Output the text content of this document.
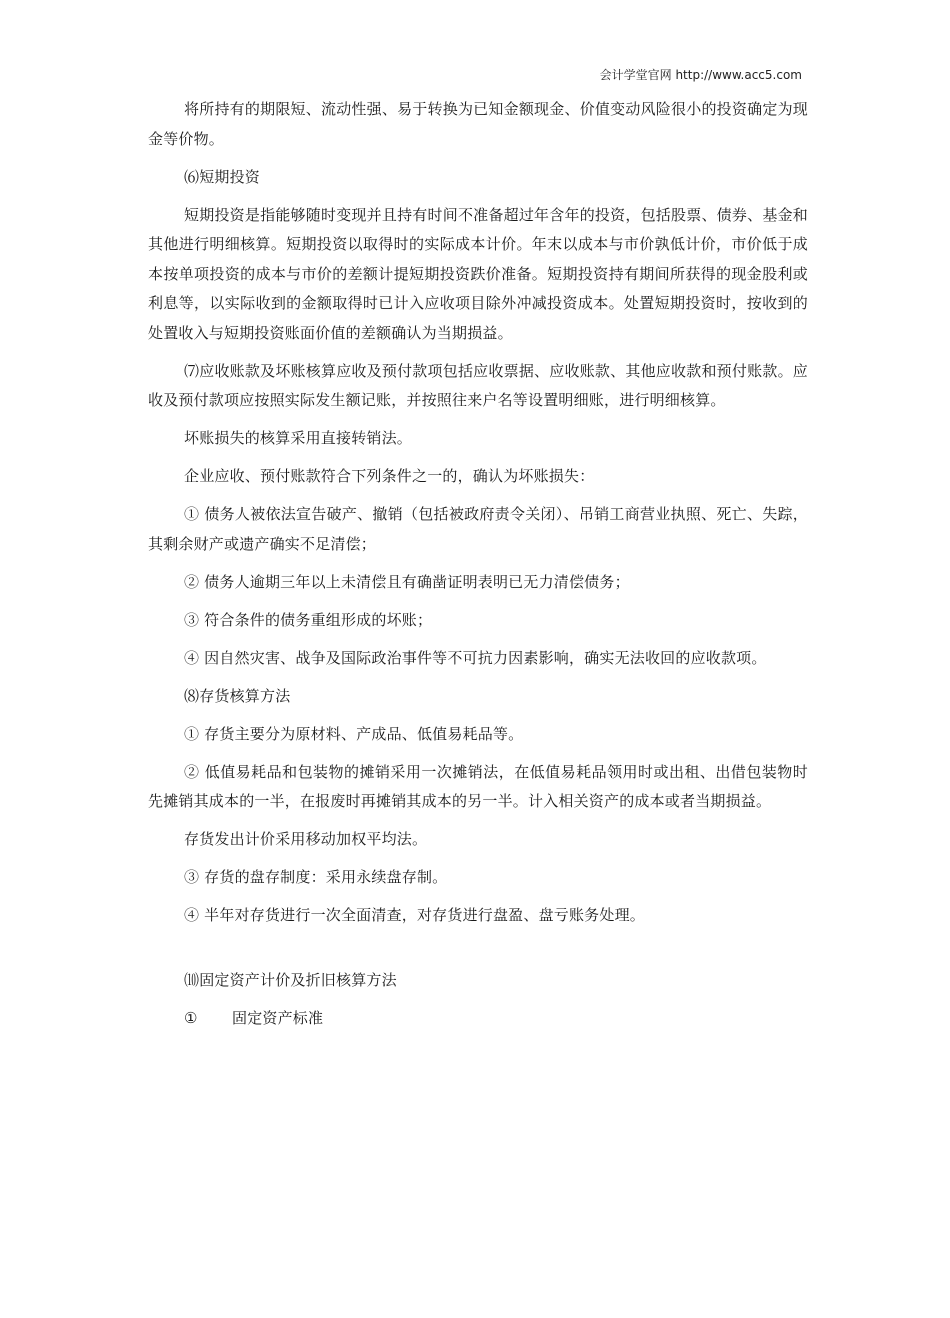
会计学堂官网 http://www.acc5.com

将所持有的期限短、流动性强、易于转换为已知金额现金、价值变动风险很小的投资确定为现金等价物。

⑹短期投资

短期投资是指能够随时变现并且持有时间不准备超过年含年的投资，包括股票、债券、基金和其他进行明细核算。短期投资以取得时的实际成本计价。年末以成本与市价孰低计价，市价低于成本按单项投资的成本与市价的差额计提短期投资跌价准备。短期投资持有期间所获得的现金股利或利息等，以实际收到的金额取得时已计入应收项目除外冲减投资成本。处置短期投资时，按收到的处置收入与短期投资账面价值的差额确认为当期损益。

⑺应收账款及坏账核算应收及预付款项包括应收票据、应收账款、其他应收款和预付账款。应收及预付款项应按照实际发生额记账，并按照往来户名等设置明细账，进行明细核算。

坏账损失的核算采用直接转销法。

企业应收、预付账款符合下列条件之一的，确认为坏账损失：

① 债务人被依法宣告破产、撤销（包括被政府责令关闭）、吊销工商营业执照、死亡、失踪，其剩余财产或遗产确实不足清偿；

② 债务人逾期三年以上未清偿且有确凿证明表明已无力清偿债务；

③ 符合条件的债务重组形成的坏账；

④ 因自然灾害、战争及国际政治事件等不可抗力因素影响，确实无法收回的应收款项。

⑻存货核算方法

① 存货主要分为原材料、产成品、低值易耗品等。

② 低值易耗品和包装物的摊销采用一次摊销法，在低值易耗品领用时或出租、出借包装物时先摊销其成本的一半，在报废时再摊销其成本的另一半。计入相关资产的成本或者当期损益。

存货发出计价采用移动加权平均法。

③ 存货的盘存制度：采用永续盘存制。

④ 半年对存货进行一次全面清查，对存货进行盘盈、盘亏账务处理。

⑽固定资产计价及折旧核算方法

① 固定资产标准
